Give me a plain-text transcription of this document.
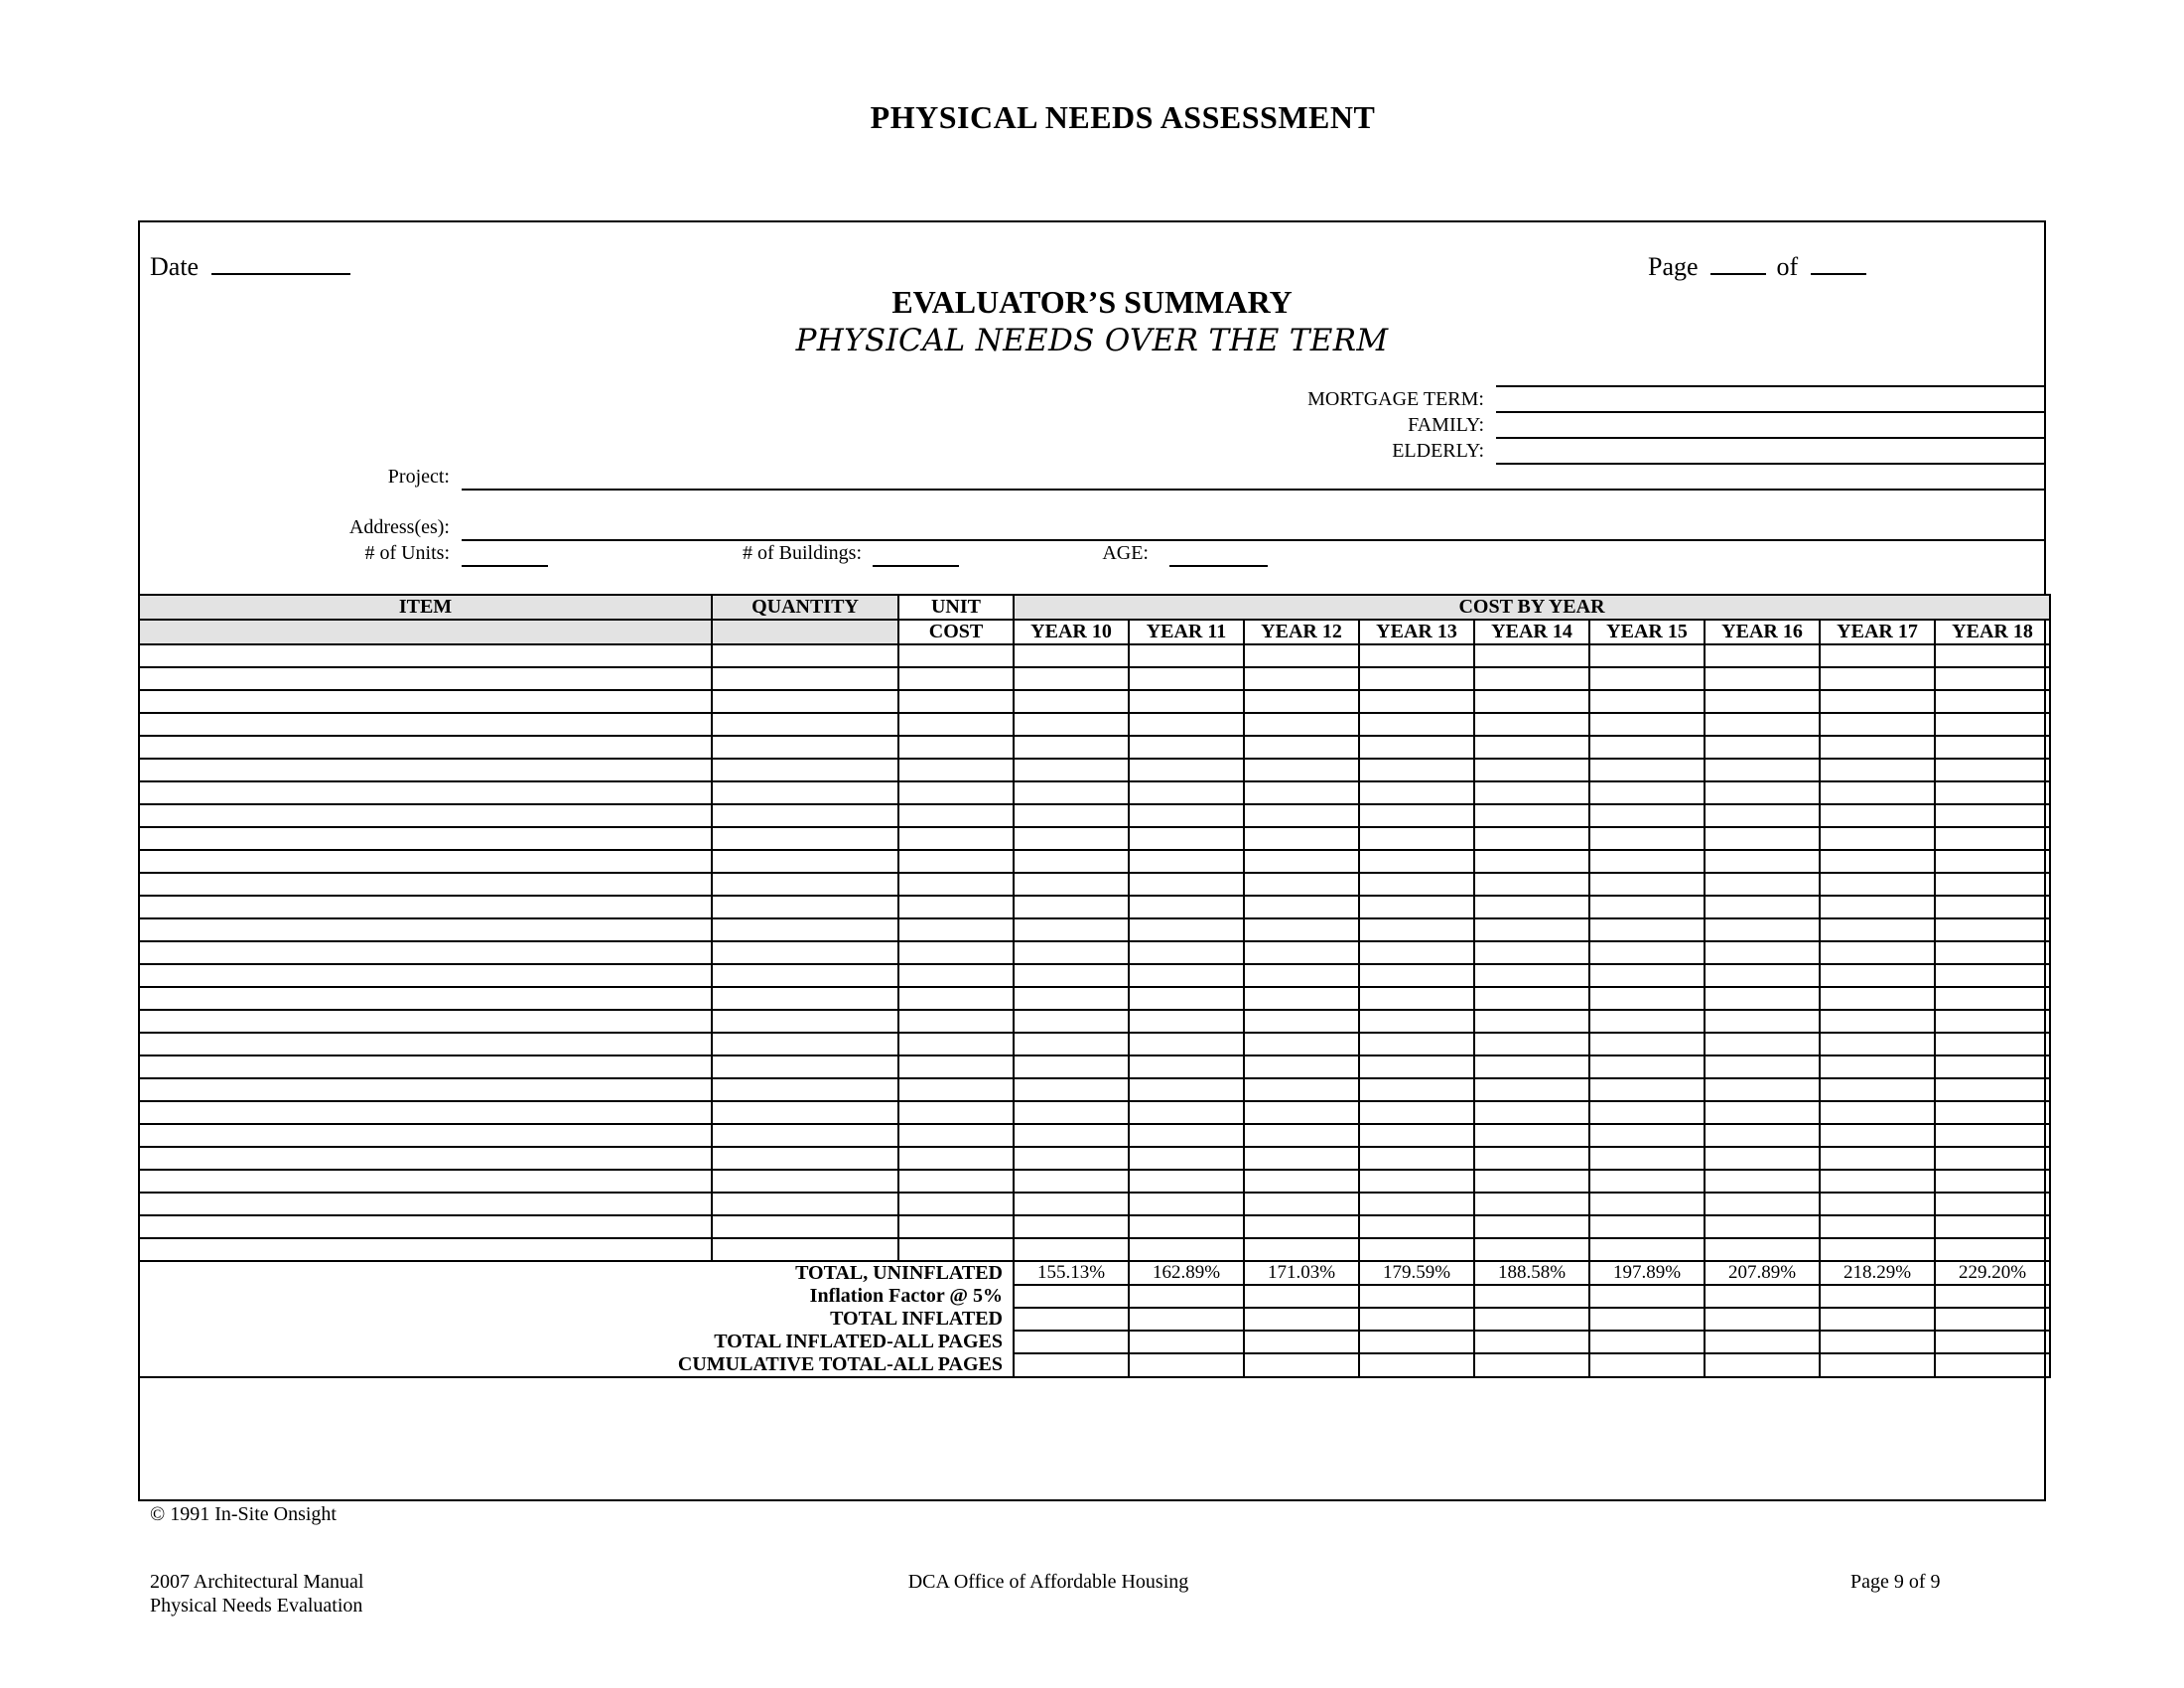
PHYSICAL NEEDS ASSESSMENT
Date	Page	of
EVALUATOR’S SUMMARY
PHYSICAL NEEDS OVER THE TERM
MORTGAGE TERM:
FAMILY:
ELDERLY:
Project:
Address(es):
# of Units:	# of Buildings:	AGE:
ITEM	QUANTITY	UNIT	COST BY YEAR								
		COST	YEAR 10	YEAR 11	YEAR 12	YEAR 13	YEAR 14	YEAR 15	YEAR 16	YEAR 17	YEAR 18

TOTAL, UNINFLATED			155.13%	162.89%	171.03%	179.59%	188.58%	197.89%	207.89%	218.29%	229.20%
Inflation Factor @ 5%											
TOTAL INFLATED											
TOTAL INFLATED-ALL PAGES											
CUMULATIVE TOTAL-ALL PAGES											
© 1991 In-Site Onsight
2007 Architectural Manual
Physical Needs Evaluation
DCA Office of Affordable Housing	Page 9 of 9
